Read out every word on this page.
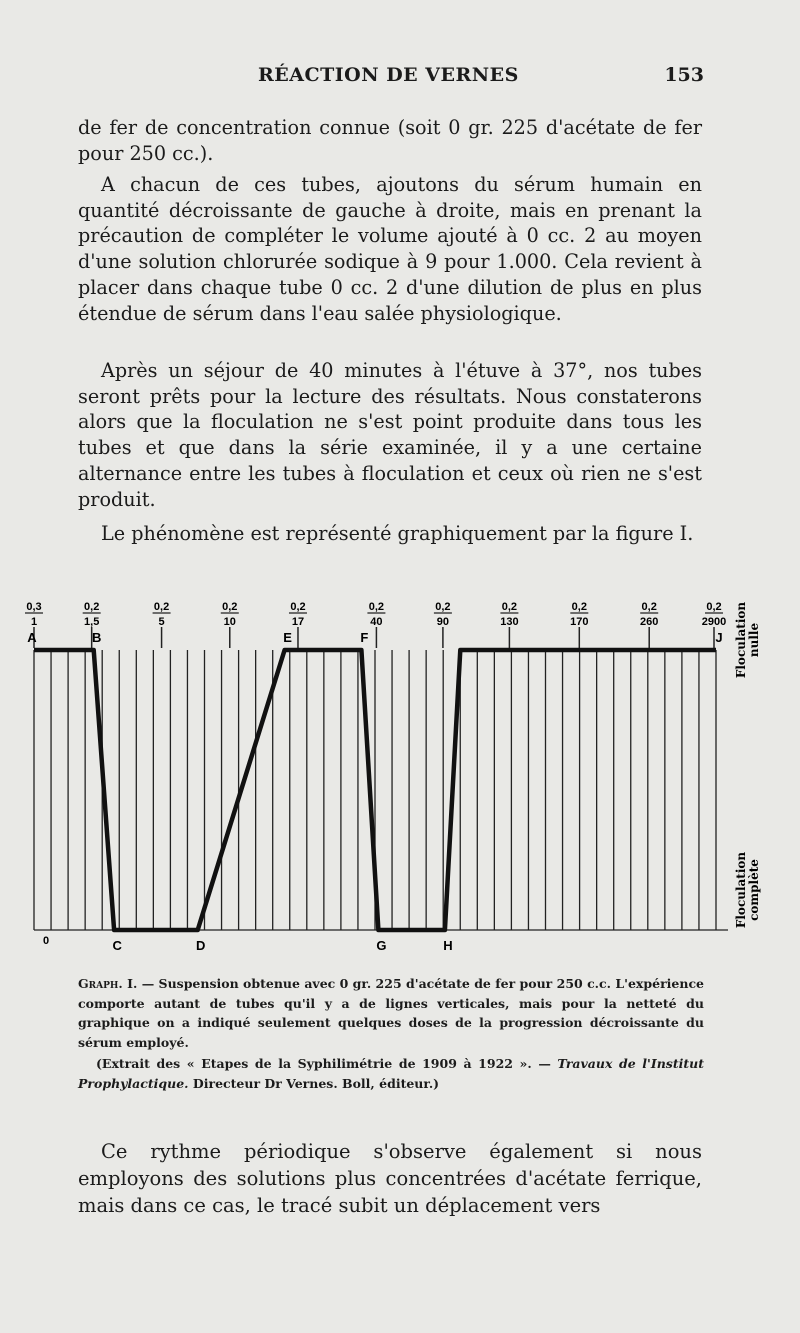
RÉACTION DE VERNES	153
de fer de concentration connue (soit 0 gr. 225 d'acétate de fer pour 250 cc.).
A chacun de ces tubes, ajoutons du sérum humain en quantité décroissante de gauche à droite, mais en prenant la précaution de compléter le volume ajouté à 0 cc. 2 au moyen d'une solution chlorurée sodique à 9 pour 1.000. Cela revient à placer dans chaque tube 0 cc. 2 d'une dilution de plus en plus étendue de sérum dans l'eau salée physiologique.
Après un séjour de 40 minutes à l'étuve à 37°, nos tubes seront prêts pour la lecture des résultats. Nous constaterons alors que la floculation ne s'est point produite dans tous les tubes et que dans la série examinée, il y a une certaine alternance entre les tubes à floculation et ceux où rien ne s'est produit.
Le phénomène est représenté graphiquement par la figure I.
0,3
1
0,2
1,5
0,2
5
0,2
10
0,2
17
0,2
40
0,2
90
0,2
130
0,2
170
0,2
260
0,2
2900
A	B
C	D
E	F
G	H
J
0
Floculation nulle
Floculation complète
Graph. I. — Suspension obtenue avec 0 gr. 225 d'acétate de fer pour 250 c.c. L'expérience comporte autant de tubes qu'il y a de lignes verticales, mais pour la netteté du graphique on a indiqué seulement quelques doses de la progression décroissante du sérum employé.
(Extrait des « Etapes de la Syphilimétrie de 1909 à 1922 ». — Travaux de l'Institut Prophylactique. Directeur Dr Vernes. Boll, éditeur.)
Ce rythme périodique s'observe également si nous employons des solutions plus concentrées d'acétate ferrique, mais dans ce cas, le tracé subit un déplacement vers
